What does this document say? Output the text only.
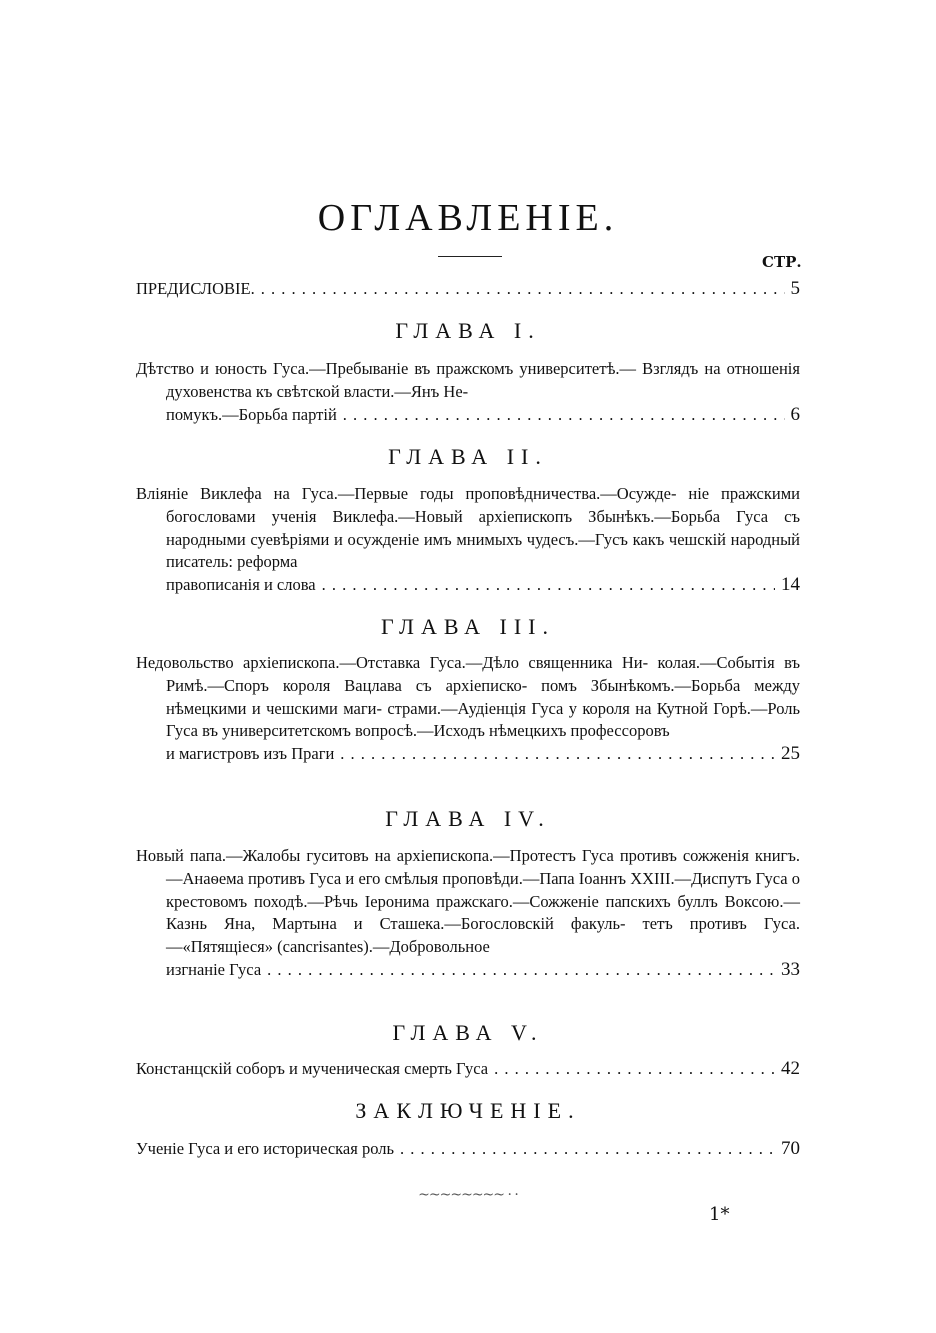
ОГЛАВЛЕНІЕ.
СТР.
ПРЕДИСЛОВІЕ. . . .	5
ГЛАВА I.
Дѣтство и юность Гуса.—Пребываніе въ пражскомъ университетѣ.— Взглядъ на отношенія духовенства къ свѣтской власти.—Янъ Не-
помукъ.—Борьба партій . . .	6
ГЛАВА II.
Вліяніе Виклефа на Гуса.—Первые годы проповѣдничества.—Осужде- ніе пражскими богословами ученія Виклефа.—Новый архіепископъ Збынѣкъ.—Борьба Гуса съ народными суевѣріями и осужденіе имъ мнимыхъ чудесъ.—Гусъ какъ чешскій народный писатель: реформа
правописанія и слова . . .	14
ГЛАВА III.
Недовольство архіепископа.—Отставка Гуса.—Дѣло священника Ни- колая.—Событія въ Римѣ.—Споръ короля Вацлава съ архіеписко- помъ Збынѣкомъ.—Борьба между нѣмецкими и чешскими маги- страми.—Аудіенція Гуса у короля на Кутной Горѣ.—Роль Гуса въ университетскомъ вопросѣ.—Исходъ нѣмецкихъ профессоровъ
и магистровъ изъ Праги . . .	25
ГЛАВА IV.
Новый папа.—Жалобы гуситовъ на архіепископа.—Протестъ Гуса противъ сожженія книгъ.—Анаѳема противъ Гуса и его смѣлыя проповѣди.—Папа Іоаннъ XXIII.—Диспутъ Гуса о крестовомъ походѣ.—Рѣчь Іеронима пражскаго.—Сожженіе папскихъ буллъ Воксою.—Казнь Яна, Мартына и Сташека.—Богословскій факуль- тетъ противъ Гуса.—«Пятящіеся» (cancrisantes).—Добровольное
изгнаніе Гуса . . .	33
ГЛАВА V.
Констанцскій соборъ и мученическая смерть Гуса . . .	42
ЗАКЛЮЧЕНІЕ.
Ученіе Гуса и его историческая роль . . .	70
~~~~~~~~ · ·
1*
